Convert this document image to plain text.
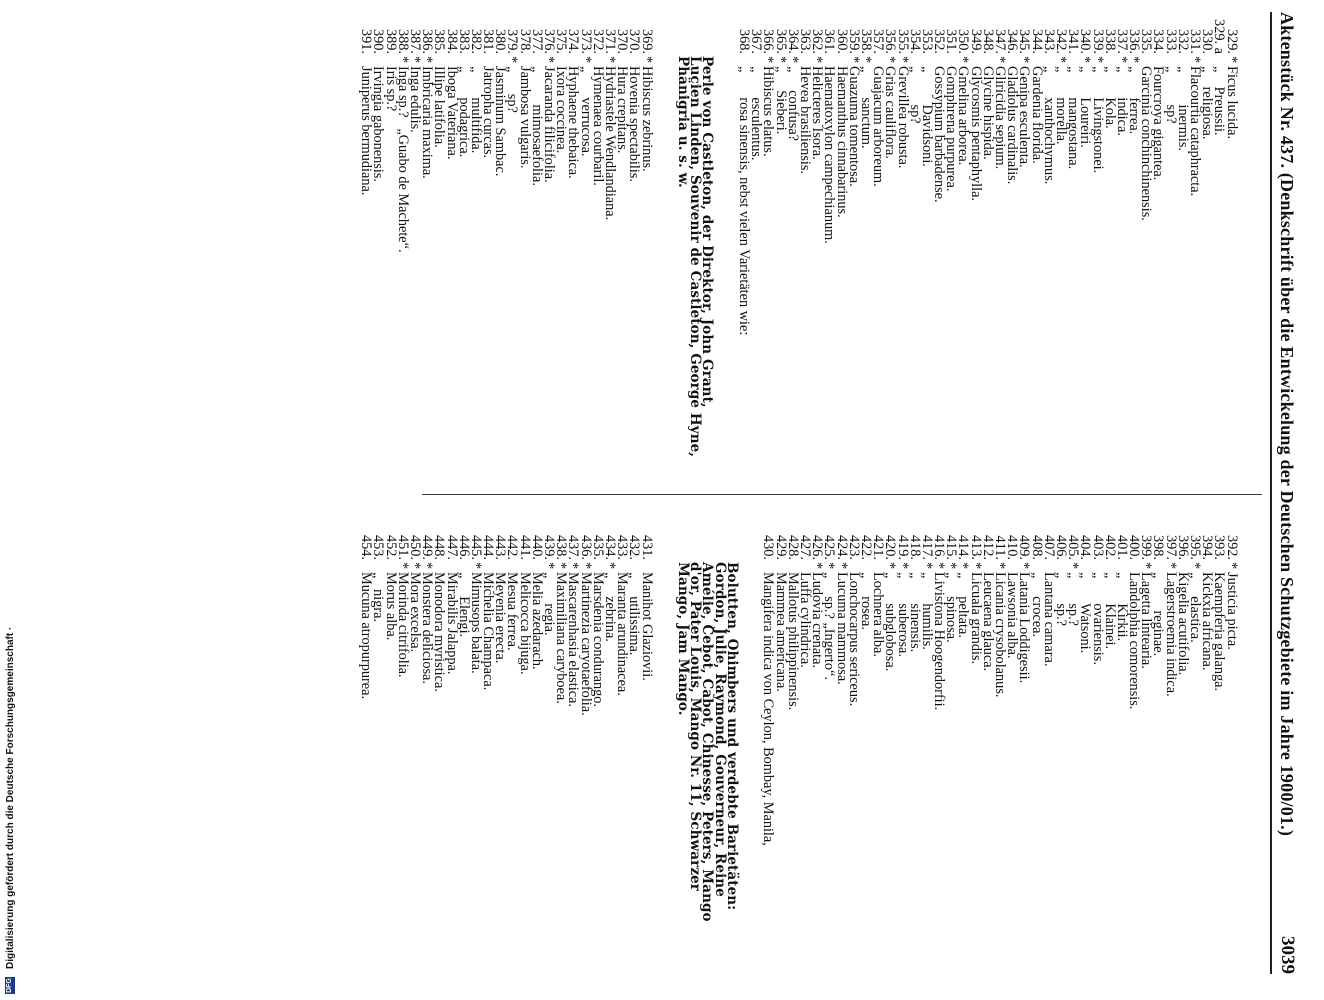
Aktenstück Nr. 437. (Denkschrift über die Entwickelung der Deutschen Schutzgebiete im Jahre 1900/01.)
3039

329.
*
Ficus lucida.
329. a
„    Preussii.
330.
„    religiosa.
331.
*
Flacourtia cataphracta.
332.
„         inermis.
333.
„         sp?
334.
Fourcroya gigantea.
335.
Garcinia conchinchinensis.
336.
*
„       ferrea.
337.
*
„       indica.
338.
„       Kola.
339.
*
„       Livingstonei.
340.
*
„       Loureiri.
341.
„       mangostana.
342.
*
„       morella.
343.
„       xanthochymus.
344.
Gardenia florida.
345.
*
Genipa esculenta.
346.
Gladiolus cardinalis.
347.
*
Gliricidia sepium.
348.
Glycine hispida.
349.
Glycosmis pentaphylla.
350.
*
Gmelina arborea.
351.
Gomphrena purpurea.
352.
Gossypium barbadense.
353.
„         Davidsoni.
354.
„         sp?
355.
*
Grevillea robusta.
356.
*
Grias cauliflora.
357.
Guajacum arboreum.
358.
*
„       sanctum.
359.
*
Guazuma tomentosa.
360.
Haemanthus cinnabarinus.
361.
Haematoxylon campechianum.
362.
*
Helicteres Isora.
363.
Hevea brasiliensis.
364.
*
„     confusa?
365.
*
„     Sieberi.
366.
*
Hibiscus elatus.
367.
„       esculentus.
368.
„       rosa sinensis, nebst vielen Varietäten wie:

Perle von Castleton, der Direktor, John Grant,
Lucien Linden, Souvenir de Castleton, George Hyne,
Phänigria u. s. w.

369.
*
Hibiscus zebrinus.
370.
Hovenia spectabilis.
370.
Hura crepitans.
371.
*
Hydriastele Wendlandiana.
372.
Hymenaea courbaril.
373.
*
„       verrucosa.
374.
Hyphaene thebaica.
375.
Ixora coccinea.
376.
*
Jacaranda filicifolia.
377.
„         mimosaefolia.
378.
Jambosa vulgaris.
379.
*
„      sp?
380.
Jasminum Sambac.
381.
Jatropha curcas.
382.
„       multifida.
383.
„       podagrica.
384.
Iboga Vateriana.
385.
Illipe latifolia.
386.
*
Imbricaria maxima.
387.
*
Inga edulis.
388.
*
Inga sp.?   „Guabo de Machete“.
389.
Iris sp.?
390.
Irvingia gabonensis.
391.
Juniperus bermudiana.

392.
*
Justicia picta.
393.
Kaempferia galanga.
394.
Kickxia africana.
395.
*
„     elastica.
396.
Kigelia acutifolia.
397.
*
Lagerstroemia indica.
398.
„         reginae.
399.
*
Lagetta lintearia.
400.
Landolphia comorensis.
401.
„       Kirkii.
402.
„       Klainei.
403.
„       ovariensis.
404.
„       Watsoni.
405.
*
„       sp.?
406.
„       sp.?
407.
Lantana camara.
408.
„     crocea.
409.
*
Latania Loddigesii.
410.
Lawsonia alba.
411.
*
Licania crysobolanus.
412.
Leucaena glauca.
413.
*
Licuala grandis.
414.
*
„     peltata.
415.
*
„     spinosa.
416.
*
Livistona Hoogendorfii.
417.
*
„       humilis.
418.
„       sinensis.
419.
*
„       suberosa.
420.
*
„       subglobosa.
421.
Lochnera alba.
422.
„     rosea.
423.
Lonchocarpus sericeus.
424.
*
Lucuma mammosa.
425.
*
„     sp.? „Ingerto“.
426.
*
Ludovia crenata.
427.
Luffa cylindrica.
428.
Mallotus philippinensis.
429.
Mammea americana.
430.
Mangifera indica von Ceylon, Bombay, Manila,

Bolutten, Ohimbers und verdebte Barietäten:
Gordon, Julie, Raymond, Gouverneur, Reine
Amélie, Cebot, Cabot, Chinesse, Peters, Mango
d'or, Pater Louis, Mango Nr. 11, Schwarzer
Mango, Jam Mango.

431.
Manihot Glaziovii.
432.
„     utilissima.
433.
Maranta arundinacea.
434.
*
„     zebrina.
435.
Marsdenia condurango.
436.
*
Martinezia caryotaefolia.
437.
*
Mascarenhasia elastica.
438.
*
Maximiliana caryboea.
439.
*
„       regia.
440.
Melia azedarach.
441.
Melicocca bijuga.
442.
Mesua ferrea.
443.
Meyenia erecta.
444.
Michelia Champaca.
445.
*
Mimusops balata.
446.
„     Elengi.
447.
Mirabilis Jalappa.
448.
Monodora myristica.
449.
*
Monstera deliciosa.
450.
*
Mora excelsa.
451.
*
Morinda citrifolia.
452.
Morus alba.
453.
„   nigra.
454.
Mucuna atropurpurea.

DFG
Digitalisierung gefördert durch die Deutsche Forschungsgemeinschaft ·
